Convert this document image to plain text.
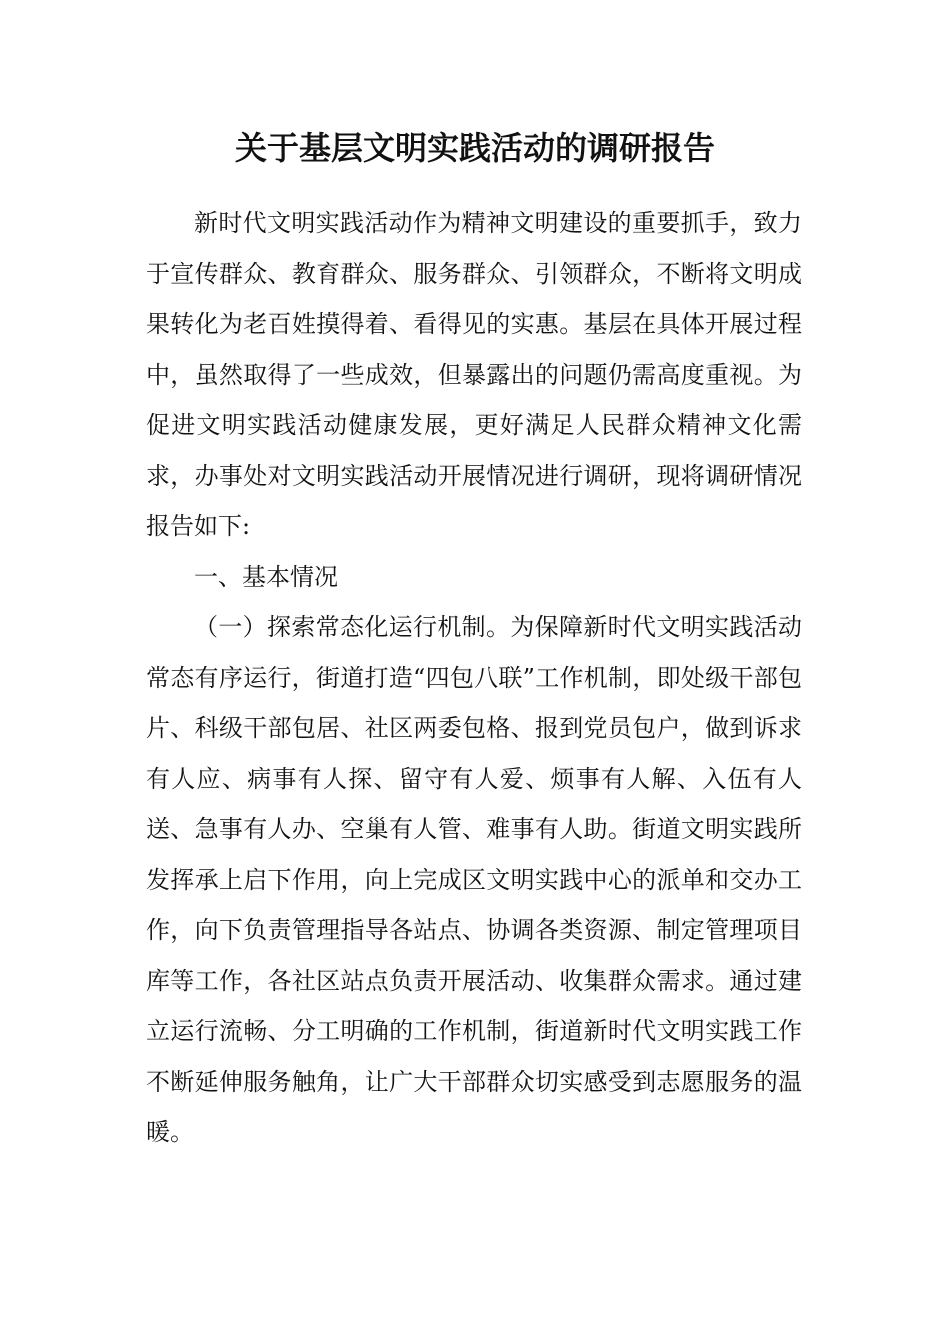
关于基层文明实践活动的调研报告

新时代文明实践活动作为精神文明建设的重要抓手，致力于宣传群众、教育群众、服务群众、引领群众，不断将文明成果转化为老百姓摸得着、看得见的实惠。基层在具体开展过程中，虽然取得了一些成效，但暴露出的问题仍需高度重视。为促进文明实践活动健康发展，更好满足人民群众精神文化需求，办事处对文明实践活动开展情况进行调研，现将调研情况报告如下:

一、基本情况

（一）探索常态化运行机制。为保障新时代文明实践活动常态有序运行，街道打造“四包八联”工作机制，即处级干部包片、科级干部包居、社区两委包格、报到党员包户，做到诉求有人应、病事有人探、留守有人爱、烦事有人解、入伍有人送、急事有人办、空巢有人管、难事有人助。街道文明实践所发挥承上启下作用，向上完成区文明实践中心的派单和交办工作，向下负责管理指导各站点、协调各类资源、制定管理项目库等工作，各社区站点负责开展活动、收集群众需求。通过建立运行流畅、分工明确的工作机制，街道新时代文明实践工作不断延伸服务触角，让广大干部群众切实感受到志愿服务的温暖。
